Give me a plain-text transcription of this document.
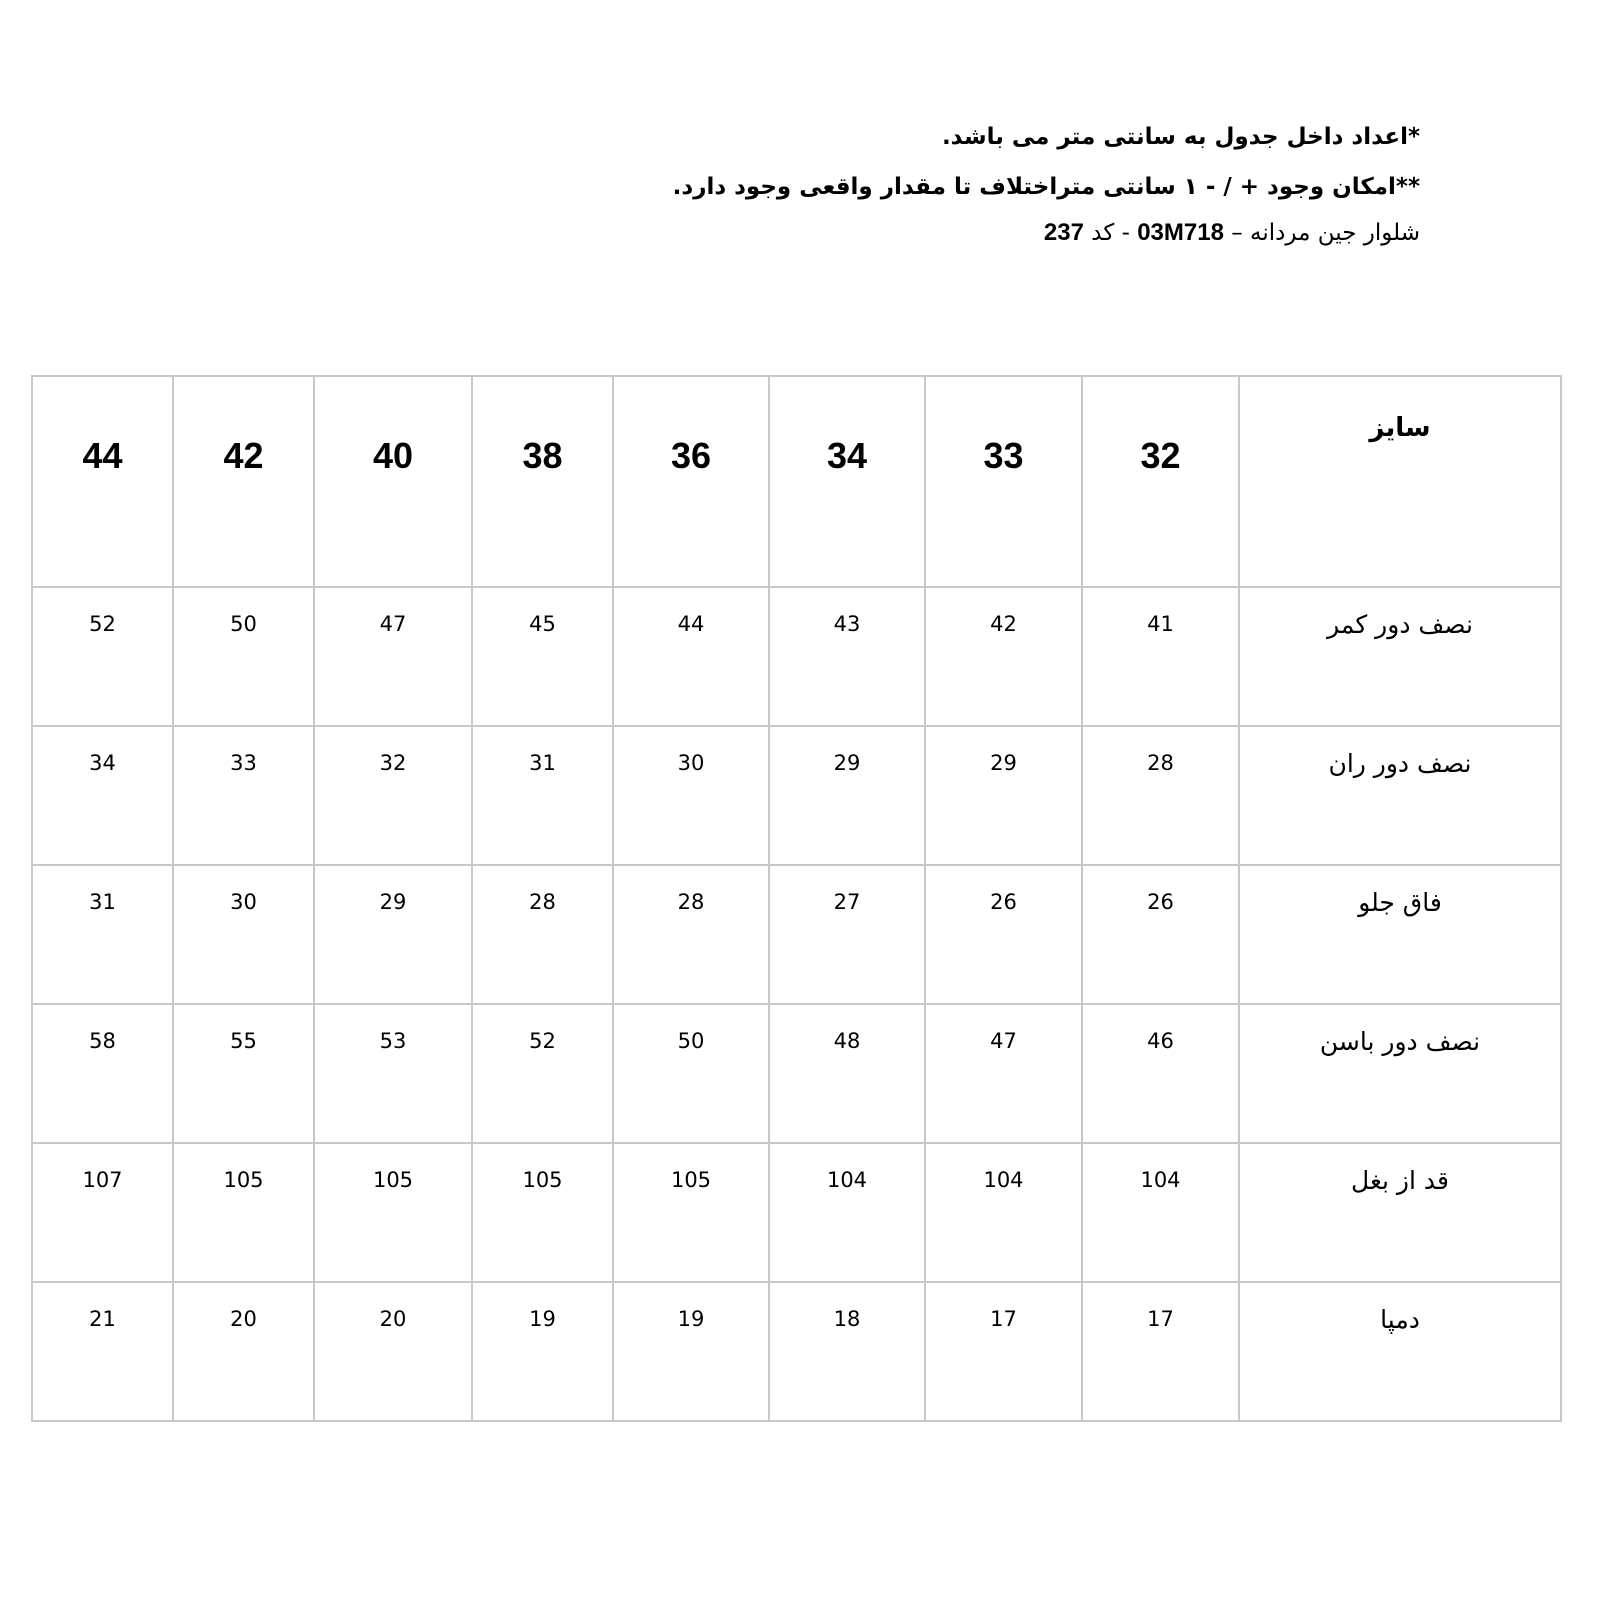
*اعداد داخل جدول به سانتی متر می باشد.
**امکان وجود + / - ۱ سانتی متراختلاف تا مقدار واقعی وجود دارد.
شلوار جین مردانه – 03M718 - کد 237
44	42	40	38	36	34	33	32	سایز
52	50	47	45	44	43	42	41	نصف دور کمر
34	33	32	31	30	29	29	28	نصف دور ران
31	30	29	28	28	27	26	26	فاق جلو
58	55	53	52	50	48	47	46	نصف دور باسن
107	105	105	105	105	104	104	104	قد از بغل
21	20	20	19	19	18	17	17	دمپا
